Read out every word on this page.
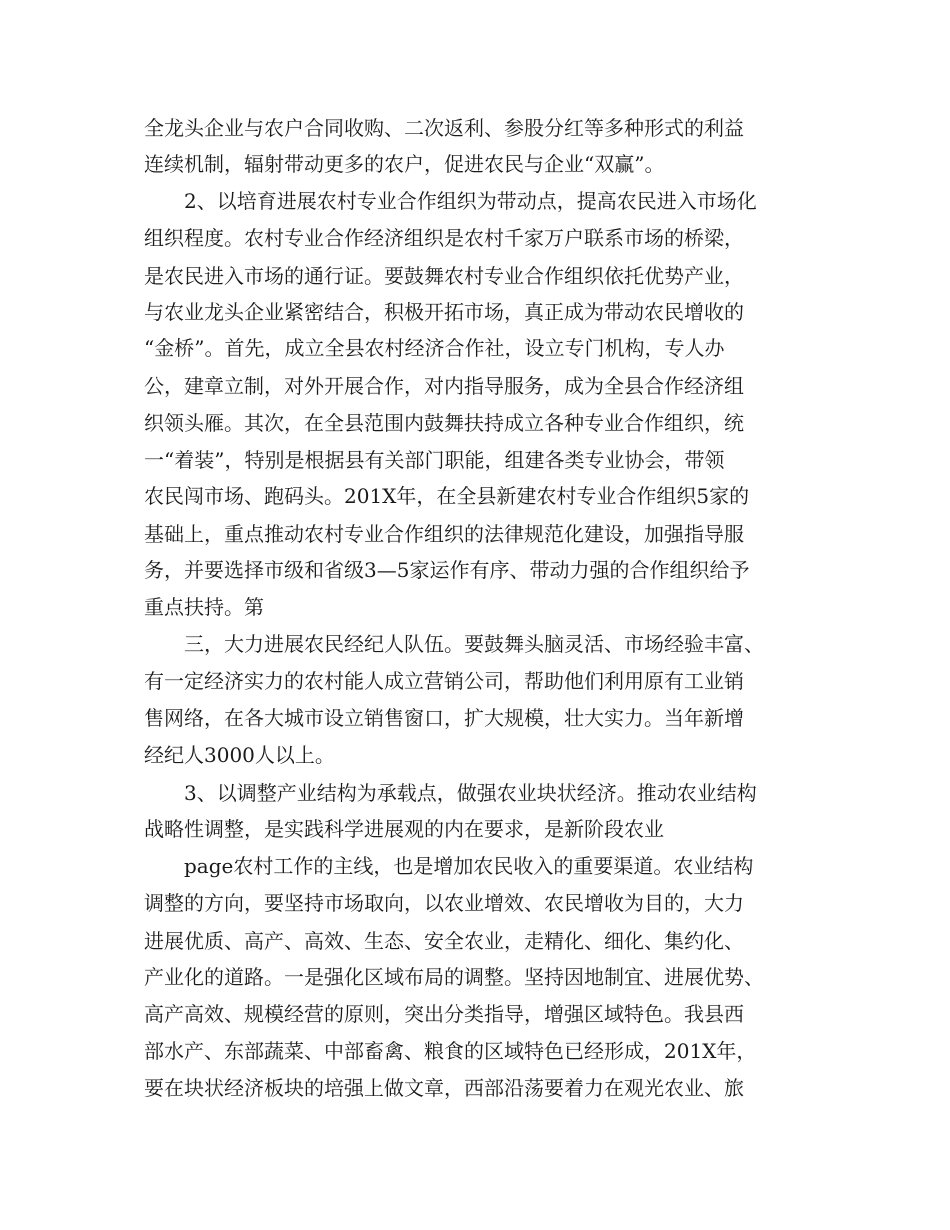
全龙头企业与农户合同收购、二次返利、参股分红等多种形式的利益
连续机制，辐射带动更多的农户，促进农民与企业“双赢”。
2、以培育进展农村专业合作组织为带动点，提高农民进入市场化
组织程度。农村专业合作经济组织是农村千家万户联系市场的桥梁，
是农民进入市场的通行证。要鼓舞农村专业合作组织依托优势产业，
与农业龙头企业紧密结合，积极开拓市场，真正成为带动农民增收的
“金桥”。首先，成立全县农村经济合作社，设立专门机构，专人办
公，建章立制，对外开展合作，对内指导服务，成为全县合作经济组
织领头雁。其次，在全县范围内鼓舞扶持成立各种专业合作组织，统
一“着装”，特别是根据县有关部门职能，组建各类专业协会，带领
农民闯市场、跑码头。201X年，在全县新建农村专业合作组织5家的
基础上，重点推动农村专业合作组织的法律规范化建设，加强指导服
务，并要选择市级和省级3—5家运作有序、带动力强的合作组织给予
重点扶持。第
三，大力进展农民经纪人队伍。要鼓舞头脑灵活、市场经验丰富、
有一定经济实力的农村能人成立营销公司，帮助他们利用原有工业销
售网络，在各大城市设立销售窗口，扩大规模，壮大实力。当年新增
经纪人3000人以上。
3、以调整产业结构为承载点，做强农业块状经济。推动农业结构
战略性调整，是实践科学进展观的内在要求，是新阶段农业
page农村工作的主线，也是增加农民收入的重要渠道。农业结构
调整的方向，要坚持市场取向，以农业增效、农民增收为目的，大力
进展优质、高产、高效、生态、安全农业，走精化、细化、集约化、
产业化的道路。一是强化区域布局的调整。坚持因地制宜、进展优势、
高产高效、规模经营的原则，突出分类指导，增强区域特色。我县西
部水产、东部蔬菜、中部畜禽、粮食的区域特色已经形成，201X年，
要在块状经济板块的培强上做文章，西部沿荡要着力在观光农业、旅
